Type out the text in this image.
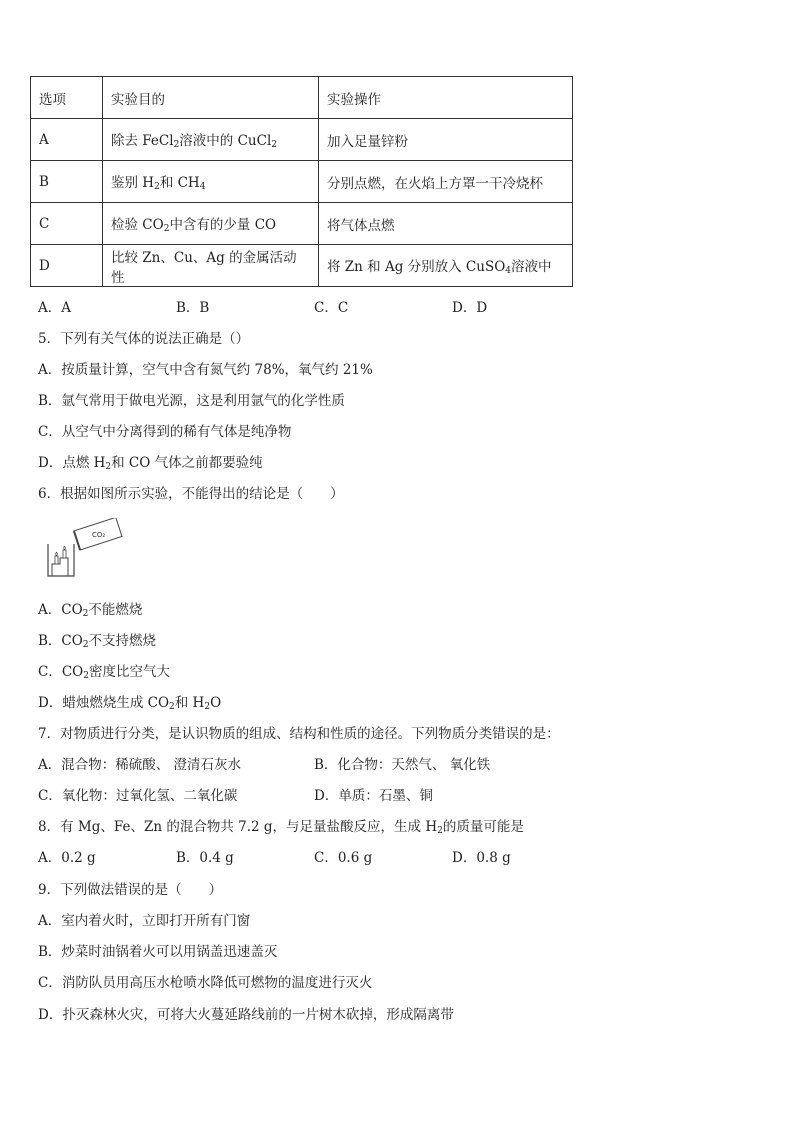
选项	实验目的	实验操作
A	除去 FeCl$_2$溶液中的 CuCl$_2$	加入足量锌粉
B	鉴别 $H_2$和 $CH_4$	分别点燃，在火焰上方罩一干冷烧杯
C	检验 $CO_2$中含有的少量 CO	将气体点燃
D	比较 Zn、Cu、Ag 的金属活动性	将 Zn 和 Ag 分别放入 CuSO$_4$溶液中
A．A	B．B	C．C	D．D
5．下列有关气体的说法正确是（）
A．按质量计算，空气中含有氮气约 78%，氧气约 21%
B．氩气常用于做电光源，这是利用氩气的化学性质
C．从空气中分离得到的稀有气体是纯净物
D．点燃 $H_2$和 CO 气体之前都要验纯
6．根据如图所示实验，不能得出的结论是（　　）
CO₂
A．$CO_2$不能燃烧
B．$CO_2$不支持燃烧
C．$CO_2$密度比空气大
D．蜡烛燃烧生成 $CO_2$和 $H_2O$
7．对物质进行分类，是认识物质的组成、结构和性质的途径。下列物质分类错误的是：
A．混合物：稀硫酸、 澄清石灰水	B．化合物：天然气、 氧化铁
C．氧化物：过氧化氢、二氧化碳	D．单质：石墨、铜
8．有 Mg、Fe、Zn 的混合物共 7.2 g，与足量盐酸反应，生成 $H_2$的质量可能是
A．0.2 g	B．0.4 g	C．0.6 g	D．0.8 g
9．下列做法错误的是（　　）
A．室内着火时，立即打开所有门窗
B．炒菜时油锅着火可以用锅盖迅速盖灭
C．消防队员用高压水枪喷水降低可燃物的温度进行灭火
D．扑灭森林火灾，可将大火蔓延路线前的一片树木砍掉，形成隔离带
